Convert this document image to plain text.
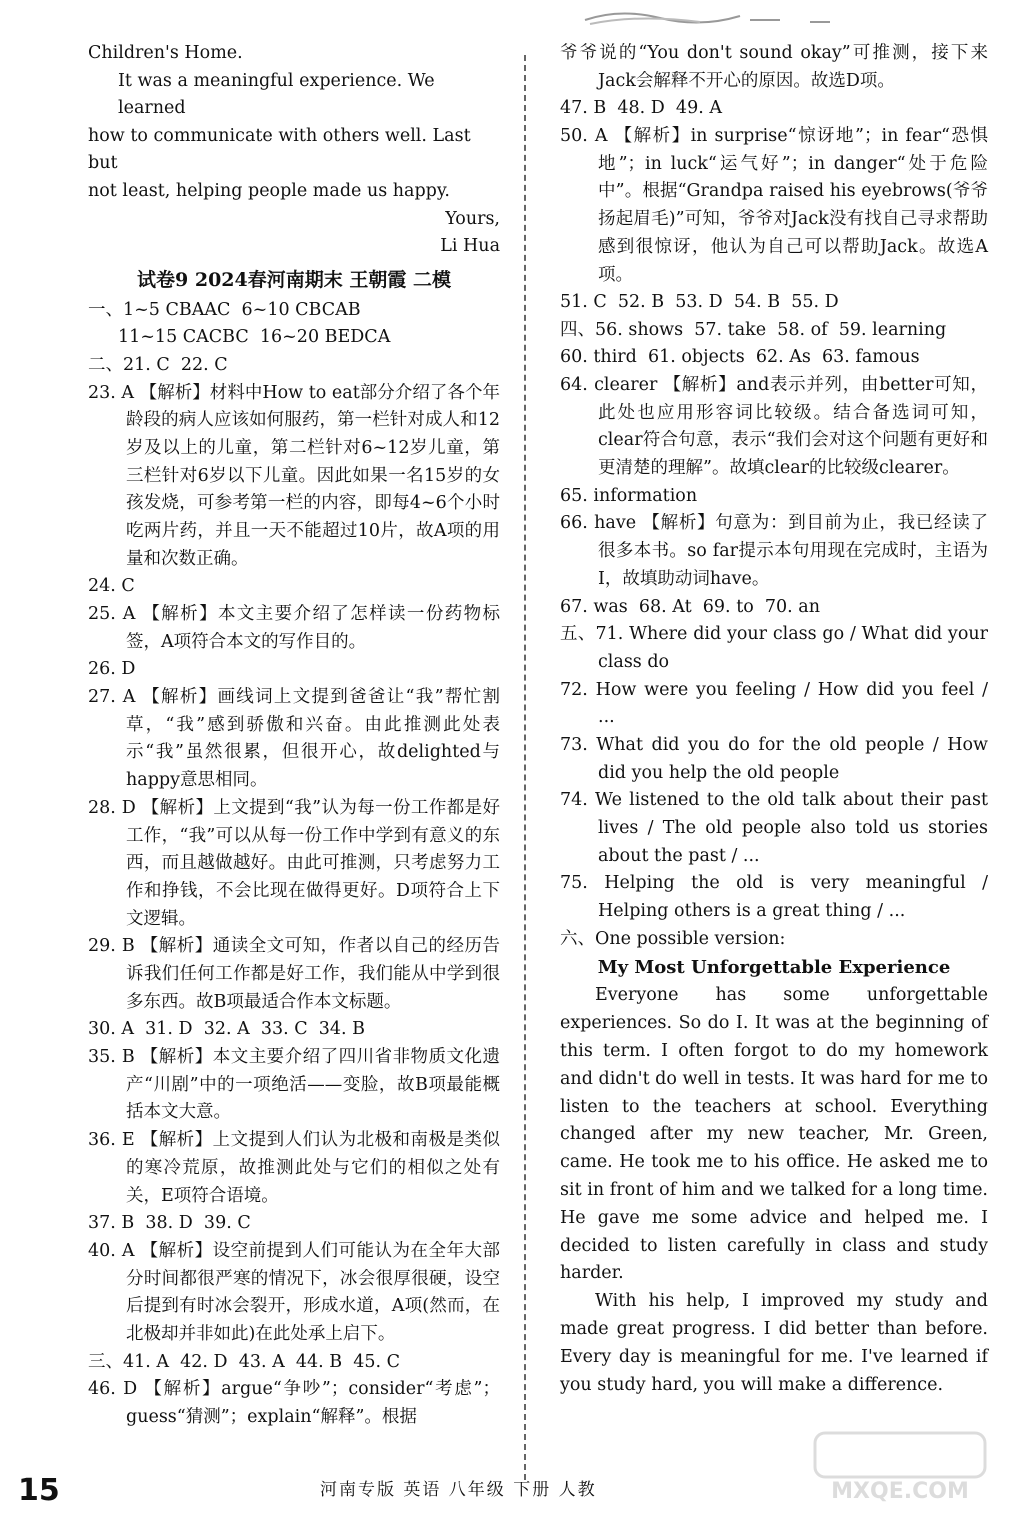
Children's Home.
It was a meaningful experience. We learned
how to communicate with others well. Last but
not least, helping people made us happy.
Yours,
Li Hua
试卷9 2024春河南期末 王朝霞 二模
一、1~5 CBAAC  6~10 CBCAB
11~15 CACBC  16~20 BEDCA
二、21. C  22. C
23. A 【解析】材料中How to eat部分介绍了各个年龄段的病人应该如何服药，第一栏针对成人和12岁及以上的儿童，第二栏针对6~12岁儿童，第三栏针对6岁以下儿童。因此如果一名15岁的女孩发烧，可参考第一栏的内容，即每4~6个小时吃两片药，并且一天不能超过10片，故A项的用量和次数正确。
24. C
25. A 【解析】本文主要介绍了怎样读一份药物标签，A项符合本文的写作目的。
26. D
27. A 【解析】画线词上文提到爸爸让“我”帮忙割草，“我”感到骄傲和兴奋。由此推测此处表示“我”虽然很累，但很开心，故delighted与happy意思相同。
28. D 【解析】上文提到“我”认为每一份工作都是好工作，“我”可以从每一份工作中学到有意义的东西，而且越做越好。由此可推测，只考虑努力工作和挣钱，不会比现在做得更好。D项符合上下文逻辑。
29. B 【解析】通读全文可知，作者以自己的经历告诉我们任何工作都是好工作，我们能从中学到很多东西。故B项最适合作本文标题。
30. A  31. D  32. A  33. C  34. B
35. B 【解析】本文主要介绍了四川省非物质文化遗产“川剧”中的一项绝活——变脸，故B项最能概括本文大意。
36. E 【解析】上文提到人们认为北极和南极是类似的寒冷荒原，故推测此处与它们的相似之处有关，E项符合语境。
37. B  38. D  39. C
40. A 【解析】设空前提到人们可能认为在全年大部分时间都很严寒的情况下，冰会很厚很硬，设空后提到有时冰会裂开，形成水道，A项(然而，在北极却并非如此)在此处承上启下。
三、41. A  42. D  43. A  44. B  45. C
46. D 【解析】argue“争吵”；consider“考虑”；guess“猜测”；explain“解释”。根据
爷爷说的“You don't sound okay”可推测，接下来Jack会解释不开心的原因。故选D项。
47. B  48. D  49. A
50. A 【解析】in surprise“惊讶地”；in fear“恐惧地”；in luck“运气好”；in danger“处于危险中”。根据“Grandpa raised his eyebrows(爷爷扬起眉毛)”可知，爷爷对Jack没有找自己寻求帮助感到很惊讶，他认为自己可以帮助Jack。故选A项。
51. C  52. B  53. D  54. B  55. D
四、56. shows  57. take  58. of  59. learning
60. third  61. objects  62. As  63. famous
64. clearer 【解析】and表示并列，由better可知，此处也应用形容词比较级。结合备选词可知，clear符合句意，表示“我们会对这个问题有更好和更清楚的理解”。故填clear的比较级clearer。
65. information
66. have 【解析】句意为：到目前为止，我已经读了很多本书。so far提示本句用现在完成时，主语为I，故填助动词have。
67. was  68. At  69. to  70. an
五、71. Where did your class go / What did your class do
72. How were you feeling / How did you feel / ...
73. What did you do for the old people / How did you help the old people
74. We listened to the old talk about their past lives / The old people also told us stories about the past / ...
75. Helping the old is very meaningful / Helping others is a great thing / ...
六、One possible version:
My Most Unforgettable Experience
Everyone has some unforgettable experiences. So do I. It was at the beginning of this term. I often forgot to do my homework and didn't do well in tests. It was hard for me to listen to the teachers at school. Everything changed after my new teacher, Mr. Green, came. He took me to his office. He asked me to sit in front of him and we talked for a long time. He gave me some advice and helped me. I decided to listen carefully in class and study harder.
With his help, I improved my study and made great progress. I did better than before. Every day is meaningful for me. I've learned if you study hard, you will make a difference.
15	河南专版 英语 八年级 下册 人教	MXQE.COM
